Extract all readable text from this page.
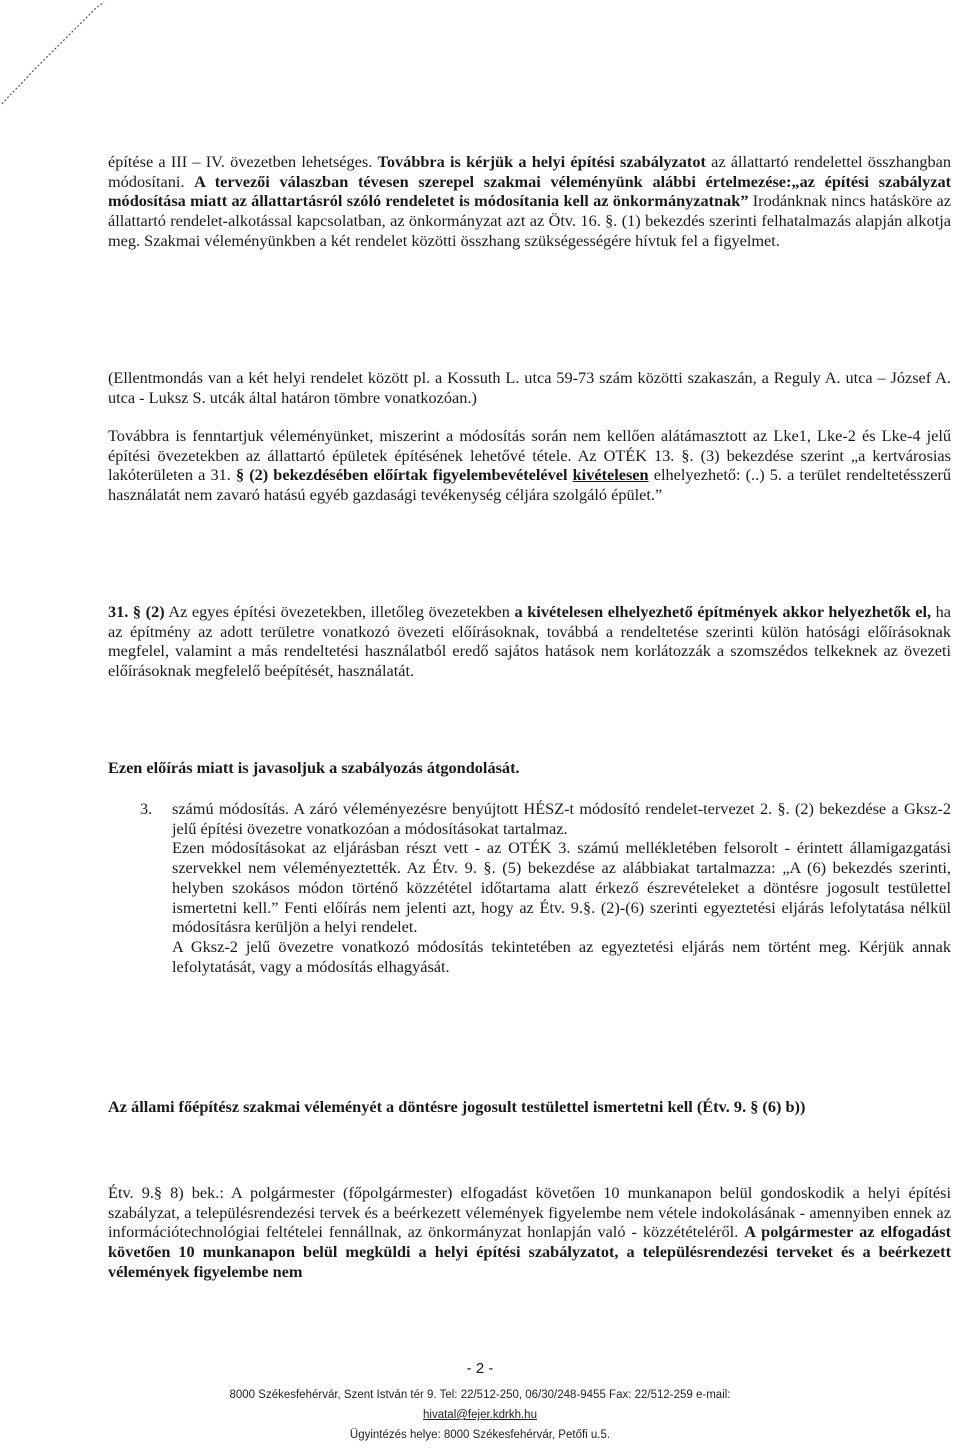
építése a III – IV. övezetben lehetséges. Továbbra is kérjük a helyi építési szabályzatot az állattartó rendelettel összhangban módosítani. A tervezői válaszban tévesen szerepel szakmai véleményünk alábbi értelmezése:„az építési szabályzat módosítása miatt az állattartásról szóló rendeletet is módosítania kell az önkormányzatnak” Irodánknak nincs hatásköre az állattartó rendelet-alkotással kapcsolatban, az önkormányzat azt az Ötv. 16. §. (1) bekezdés szerinti felhatalmazás alapján alkotja meg. Szakmai véleményünkben a két rendelet közötti összhang szükségességére hívtuk fel a figyelmet.

(Ellentmondás van a két helyi rendelet között pl. a Kossuth L. utca 59-73 szám közötti szakaszán, a Reguly A. utca – József A. utca - Luksz S. utcák által határon tömbre vonatkozóan.)

Továbbra is fenntartjuk véleményünket, miszerint a módosítás során nem kellően alátámasztott az Lke1, Lke-2 és Lke-4 jelű építési övezetekben az állattartó épületek építésének lehetővé tétele. Az OTÉK 13. §. (3) bekezdése szerint „a kertvárosias lakóterületen a 31. § (2) bekezdésében előírtak figyelembevételével kivételesen elhelyezhető: (..) 5. a terület rendeltetésszerű használatát nem zavaró hatású egyéb gazdasági tevékenység céljára szolgáló épület.”

31. § (2) Az egyes építési övezetekben, illetőleg övezetekben a kivételesen elhelyezhető építmények akkor helyezhetők el, ha az építmény az adott területre vonatkozó övezeti előírásoknak, továbbá a rendeltetése szerinti külön hatósági előírásoknak megfelel, valamint a más rendeltetési használatból eredő sajátos hatások nem korlátozzák a szomszédos telkeknek az övezeti előírásoknak megfelelő beépítését, használatát.

Ezen előírás miatt is javasoljuk a szabályozás átgondolását.

3. számú módosítás. A záró véleményezésre benyújtott HÉSZ-t módosító rendelet-tervezet 2. §. (2) bekezdése a Gksz-2 jelű építési övezetre vonatkozóan a módosításokat tartalmaz.

Ezen módosításokat az eljárásban részt vett - az OTÉK 3. számú mellékletében felsorolt - érintett államigazgatási szervekkel nem véleményeztették. Az Étv. 9. §. (5) bekezdése az alábbiakat tartalmazza: „A (6) bekezdés szerinti, helyben szokásos módon történő közzététel időtartama alatt érkező észrevételeket a döntésre jogosult testülettel ismertetni kell.” Fenti előírás nem jelenti azt, hogy az Étv. 9.§. (2)-(6) szerinti egyeztetési eljárás lefolytatása nélkül módosításra kerüljön a helyi rendelet.

A Gksz-2 jelű övezetre vonatkozó módosítás tekintetében az egyeztetési eljárás nem történt meg. Kérjük annak lefolytatását, vagy a módosítás elhagyását.

Az állami főépítész szakmai véleményét a döntésre jogosult testülettel ismertetni kell (Étv. 9. § (6) b))

Étv. 9.§ 8) bek.: A polgármester (főpolgármester) elfogadást követően 10 munkanapon belül gondoskodik a helyi építési szabályzat, a településrendezési tervek és a beérkezett vélemények figyelembe nem vétele indokolásának - amennyiben ennek az információtechnológiai feltételei fennállnak, az önkormányzat honlapján való - közzétételéről. A polgármester az elfogadást követően 10 munkanapon belül megküldi a helyi építési szabályzatot, a településrendezési terveket és a beérkezett vélemények figyelembe nem

- 2 -
8000 Székesfehérvár, Szent István tér 9. Tel: 22/512-250, 06/30/248-9455 Fax: 22/512-259 e-mail:
hivatal@fejer.kdrkh.hu
Ügyintézés helye: 8000 Székesfehérvár, Petőfi u.5.
